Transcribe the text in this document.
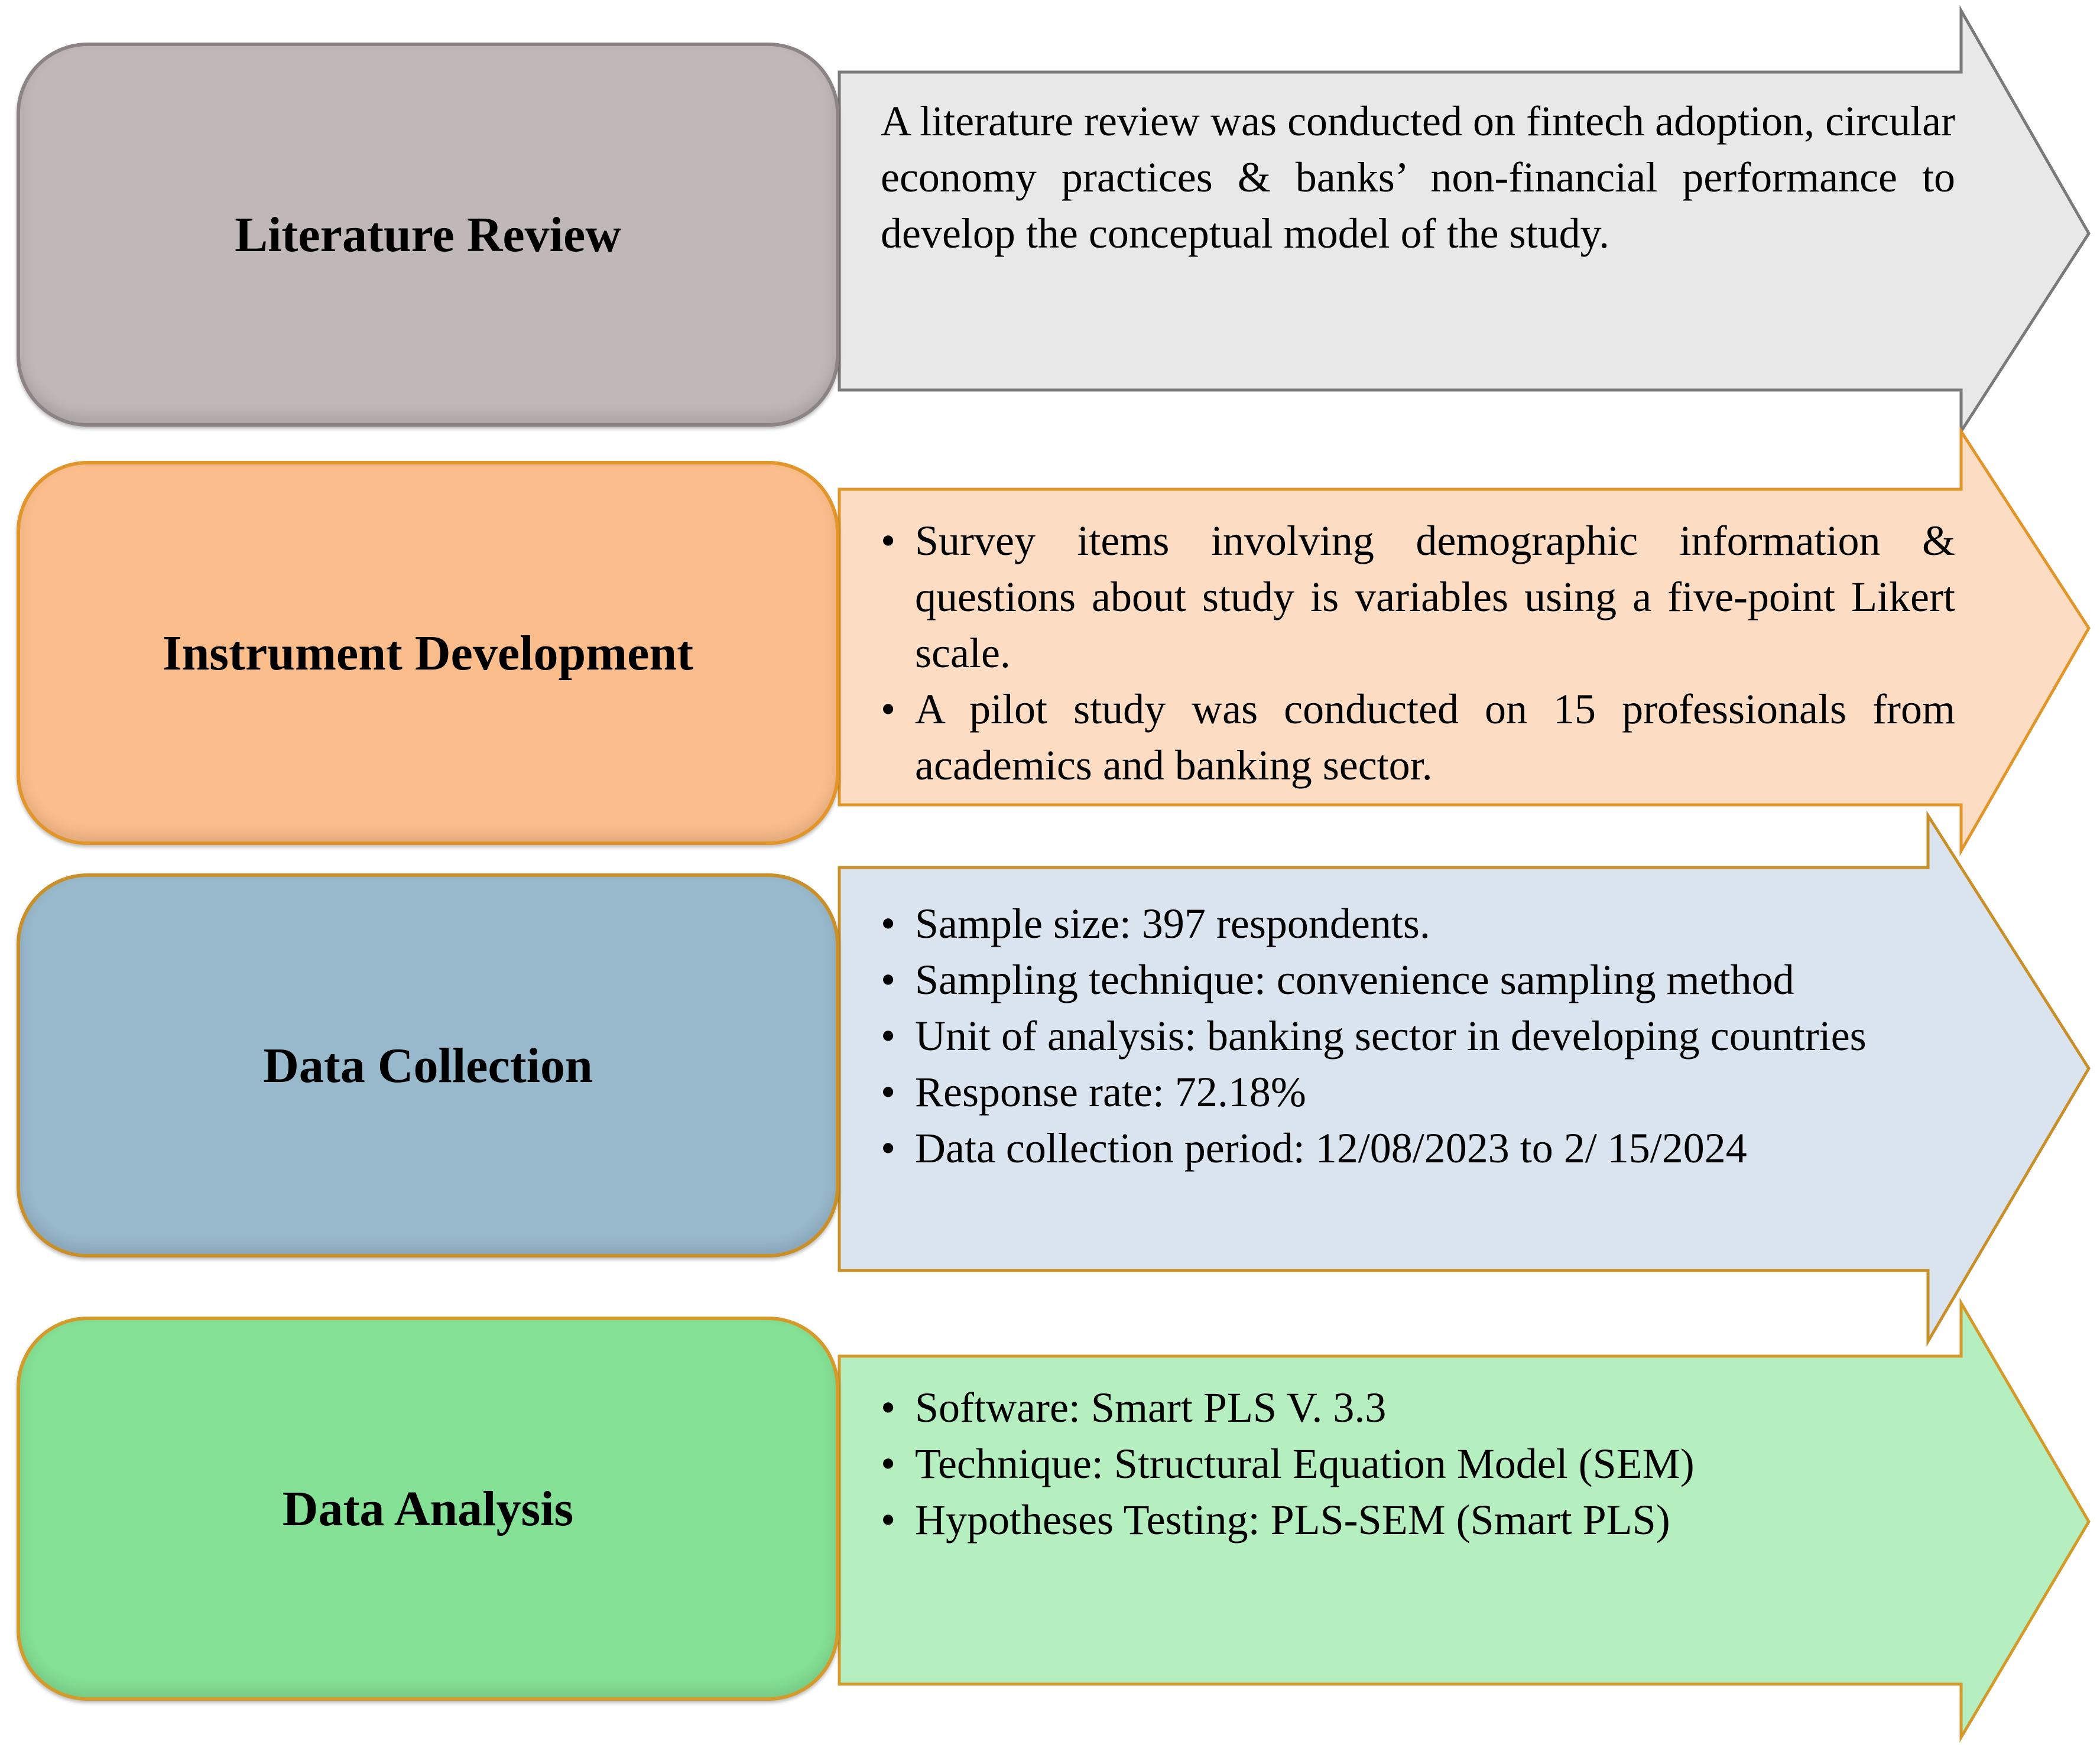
Literature Review

A literature review was conducted on fintech adoption, circular economy practices & banks’ non-financial performance to develop the conceptual model of the study.

Instrument Development
• Survey items involving demographic information & questions about study is variables using a five-point Likert scale.
• A pilot study was conducted on 15 professionals from academics and banking sector.
Data Collection
• Sample size: 397 respondents.
• Sampling technique: convenience sampling method
• Unit of analysis: banking sector in developing countries
• Response rate: 72.18%
• Data collection period: 12/08/2023 to 2/ 15/2024
Data Analysis
• Software: Smart PLS V. 3.3
• Technique: Structural Equation Model (SEM)
• Hypotheses Testing: PLS-SEM (Smart PLS)
